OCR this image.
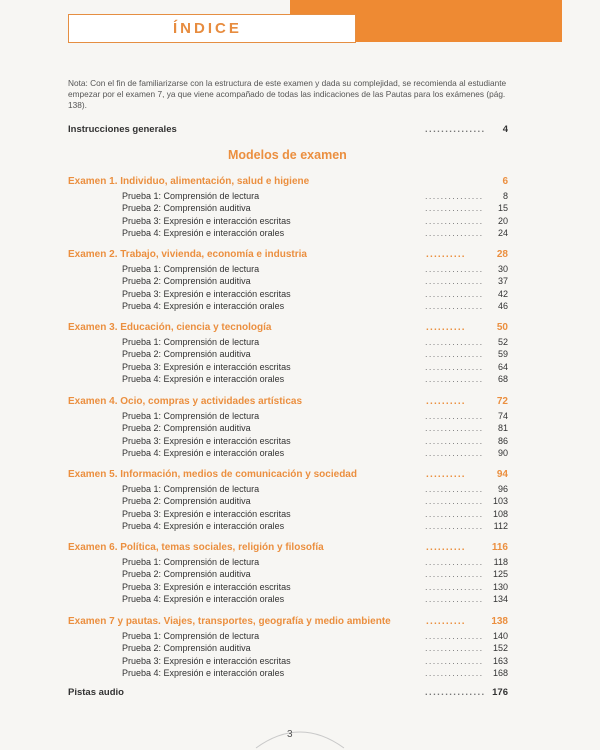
ÍNDICE
Nota: Con el fin de familiarizarse con la estructura de este examen y dada su complejidad, se recomienda al estudiante empezar por el examen 7, ya que viene acompañado de todas las indicaciones de las Pautas para los exámenes (pág. 138).
Instrucciones generales	............... 4
Modelos de examen
Examen 1. Individuo, alimentación, salud e higiene	6
Prueba 1: Comprensión de lectura	............... 8
Prueba 2: Comprensión auditiva	............... 15
Prueba 3: Expresión e interacción escritas	............... 20
Prueba 4: Expresión e interacción orales	............... 24
Examen 2. Trabajo, vivienda, economía e industria	..........	28
Prueba 1: Comprensión de lectura	............... 30
Prueba 2: Comprensión auditiva	............... 37
Prueba 3: Expresión e interacción escritas	............... 42
Prueba 4: Expresión e interacción orales	............... 46
Examen 3. Educación, ciencia y tecnología	..........	50
Prueba 1: Comprensión de lectura	............... 52
Prueba 2: Comprensión auditiva	............... 59
Prueba 3: Expresión e interacción escritas	............... 64
Prueba 4: Expresión e interacción orales	............... 68
Examen 4. Ocio, compras y actividades artísticas	..........	72
Prueba 1: Comprensión de lectura	............... 74
Prueba 2: Comprensión auditiva	............... 81
Prueba 3: Expresión e interacción escritas	............... 86
Prueba 4: Expresión e interacción orales	............... 90
Examen 5. Información, medios de comunicación y sociedad	..........	94
Prueba 1: Comprensión de lectura	............... 96
Prueba 2: Comprensión auditiva	............... 103
Prueba 3: Expresión e interacción escritas	............... 108
Prueba 4: Expresión e interacción orales	............... 112
Examen 6. Política, temas sociales, religión y filosofía	..........	116
Prueba 1: Comprensión de lectura	............... 118
Prueba 2: Comprensión auditiva	............... 125
Prueba 3: Expresión e interacción escritas	............... 130
Prueba 4: Expresión e interacción orales	............... 134
Examen 7 y pautas. Viajes, transportes, geografía y medio ambiente	..........	138
Prueba 1: Comprensión de lectura	............... 140
Prueba 2: Comprensión auditiva	............... 152
Prueba 3: Expresión e interacción escritas	............... 163
Prueba 4: Expresión e interacción orales	............... 168
Pistas audio	............... 176
3
